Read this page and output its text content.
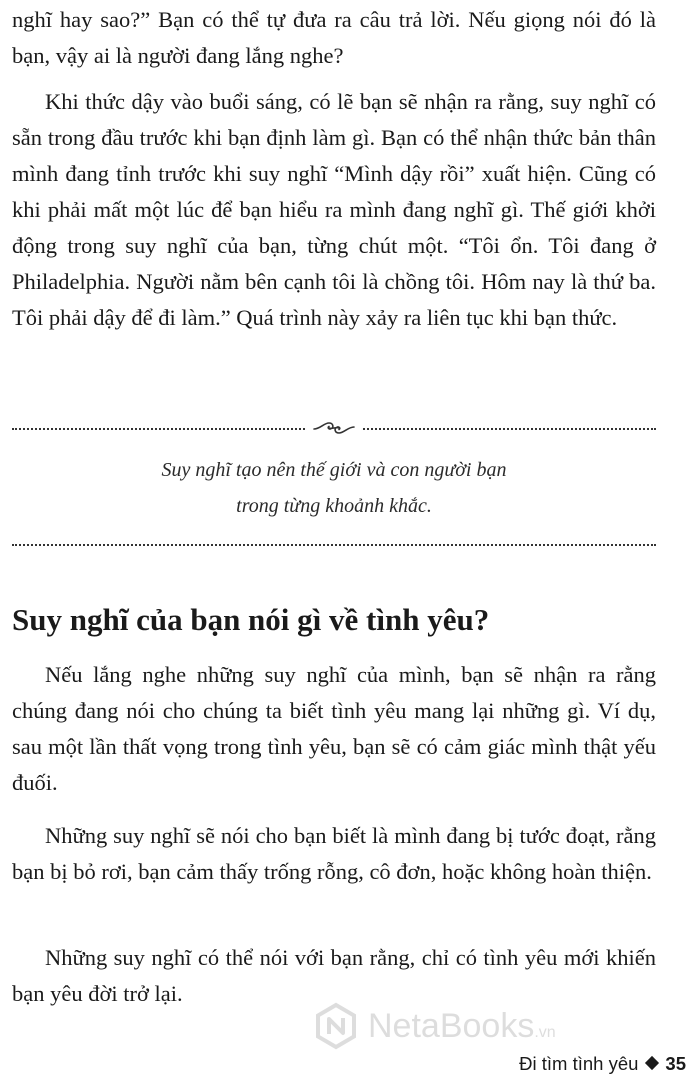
nghĩ hay sao?” Bạn có thể tự đưa ra câu trả lời. Nếu giọng nói đó là bạn, vậy ai là người đang lắng nghe?

Khi thức dậy vào buổi sáng, có lẽ bạn sẽ nhận ra rằng, suy nghĩ có sẵn trong đầu trước khi bạn định làm gì. Bạn có thể nhận thức bản thân mình đang tỉnh trước khi suy nghĩ “Mình dậy rồi” xuất hiện. Cũng có khi phải mất một lúc để bạn hiểu ra mình đang nghĩ gì. Thế giới khởi động trong suy nghĩ của bạn, từng chút một. “Tôi ổn. Tôi đang ở Philadelphia. Người nằm bên cạnh tôi là chồng tôi. Hôm nay là thứ ba. Tôi phải dậy để đi làm.” Quá trình này xảy ra liên tục khi bạn thức.

Suy nghĩ tạo nên thế giới và con người bạn
trong từng khoảnh khắc.
Suy nghĩ của bạn nói gì về tình yêu?

Nếu lắng nghe những suy nghĩ của mình, bạn sẽ nhận ra rằng chúng đang nói cho chúng ta biết tình yêu mang lại những gì. Ví dụ, sau một lần thất vọng trong tình yêu, bạn sẽ có cảm giác mình thật yếu đuối.

Những suy nghĩ sẽ nói cho bạn biết là mình đang bị tước đoạt, rằng bạn bị bỏ rơi, bạn cảm thấy trống rỗng, cô đơn, hoặc không hoàn thiện.

Những suy nghĩ có thể nói với bạn rằng, chỉ có tình yêu mới khiến bạn yêu đời trở lại.

NetaBooks.vn
Đi tìm tình yêu 35
